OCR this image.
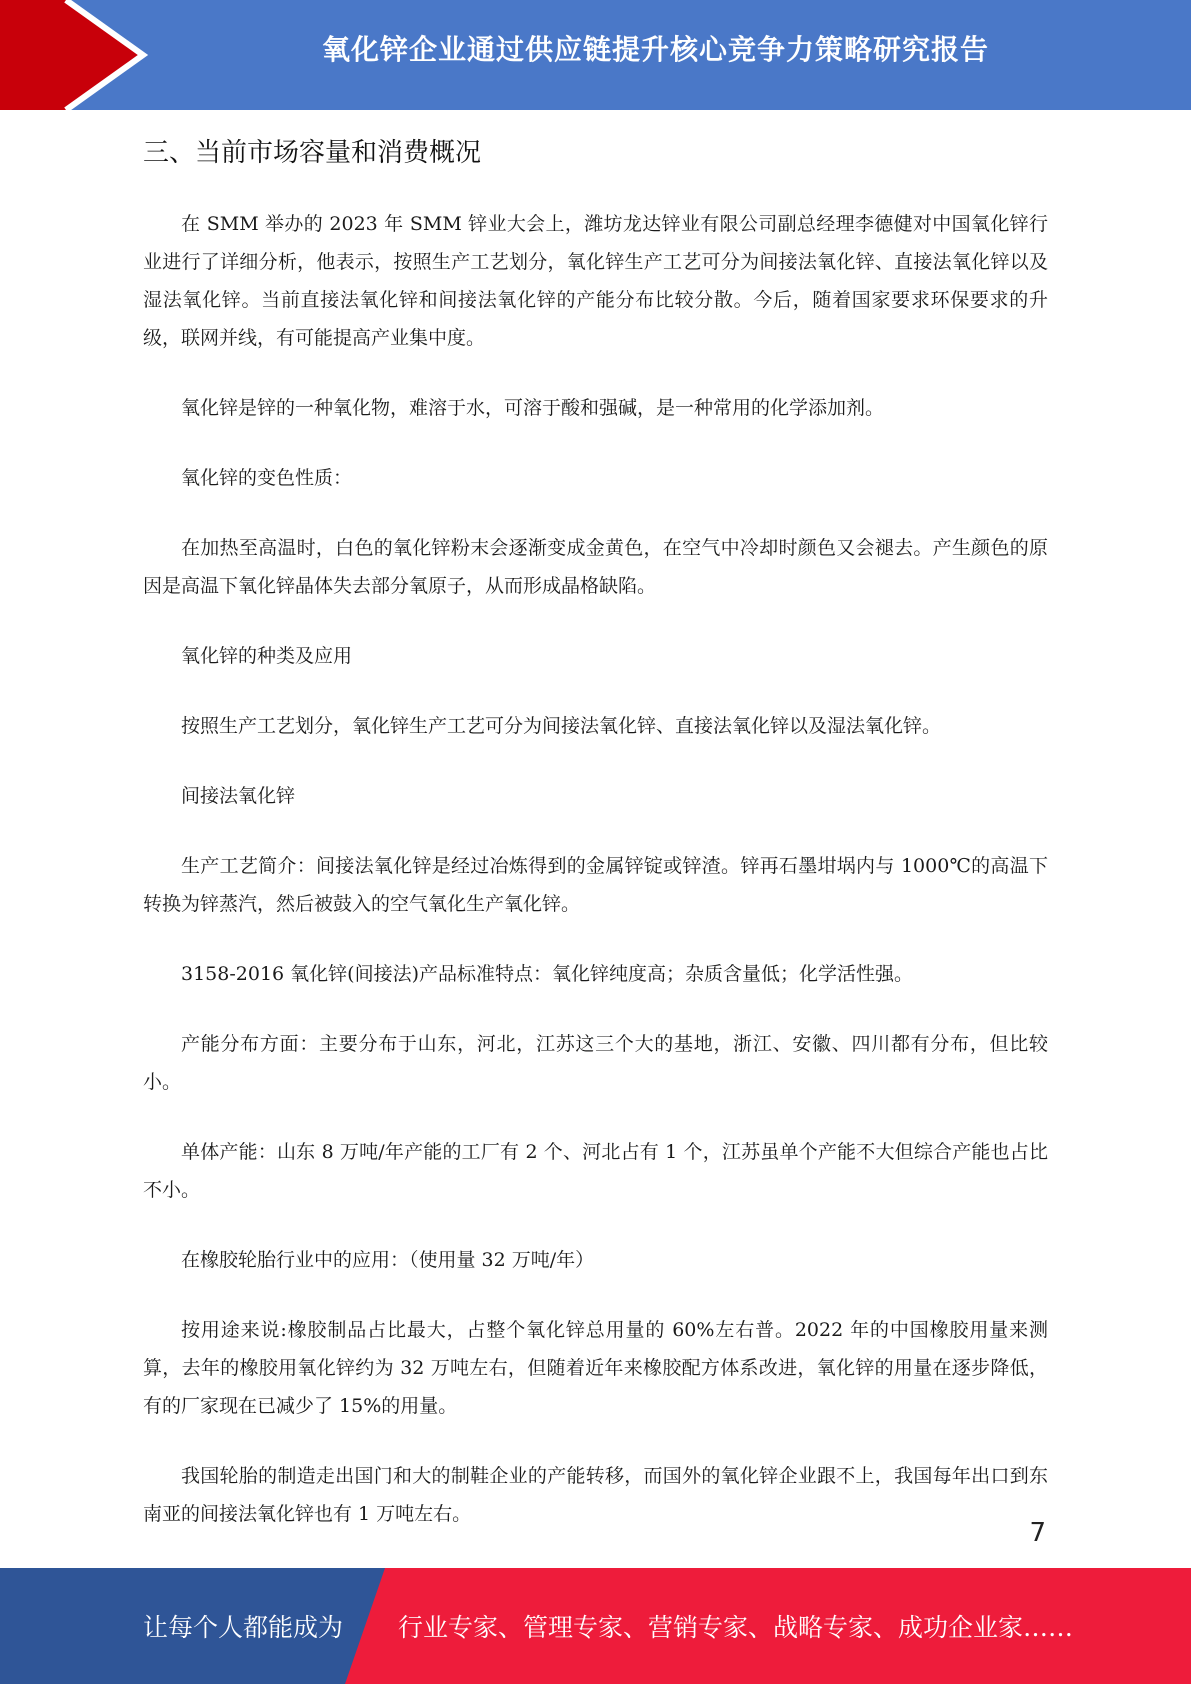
氧化锌企业通过供应链提升核心竞争力策略研究报告
三、当前市场容量和消费概况

在 SMM 举办的 2023 年 SMM 锌业大会上，潍坊龙达锌业有限公司副总经理李德健对中国氧化锌行业进行了详细分析，他表示，按照生产工艺划分，氧化锌生产工艺可分为间接法氧化锌、直接法氧化锌以及湿法氧化锌。当前直接法氧化锌和间接法氧化锌的产能分布比较分散。今后，随着国家要求环保要求的升级，联网并线，有可能提高产业集中度。

氧化锌是锌的一种氧化物，难溶于水，可溶于酸和强碱，是一种常用的化学添加剂。

氧化锌的变色性质：

在加热至高温时，白色的氧化锌粉末会逐渐变成金黄色，在空气中冷却时颜色又会褪去。产生颜色的原因是高温下氧化锌晶体失去部分氧原子，从而形成晶格缺陷。

氧化锌的种类及应用

按照生产工艺划分，氧化锌生产工艺可分为间接法氧化锌、直接法氧化锌以及湿法氧化锌。

间接法氧化锌

生产工艺简介：间接法氧化锌是经过冶炼得到的金属锌锭或锌渣。锌再石墨坩埚内与 1000℃的高温下转换为锌蒸汽，然后被鼓入的空气氧化生产氧化锌。

3158-2016 氧化锌(间接法)产品标准特点：氧化锌纯度高；杂质含量低；化学活性强。

产能分布方面：主要分布于山东，河北，江苏这三个大的基地，浙江、安徽、四川都有分布，但比较小。

单体产能：山东 8 万吨/年产能的工厂有 2 个、河北占有 1 个，江苏虽单个产能不大但综合产能也占比不小。

在橡胶轮胎行业中的应用：（使用量 32 万吨/年）

按用途来说:橡胶制品占比最大，占整个氧化锌总用量的 60%左右普。2022 年的中国橡胶用量来测算，去年的橡胶用氧化锌约为 32 万吨左右，但随着近年来橡胶配方体系改进，氧化锌的用量在逐步降低，有的厂家现在已减少了 15%的用量。

我国轮胎的制造走出国门和大的制鞋企业的产能转移，而国外的氧化锌企业跟不上，我国每年出口到东南亚的间接法氧化锌也有 1 万吨左右。

7
让每个人都能成为 行业专家、管理专家、营销专家、战略专家、成功企业家……
